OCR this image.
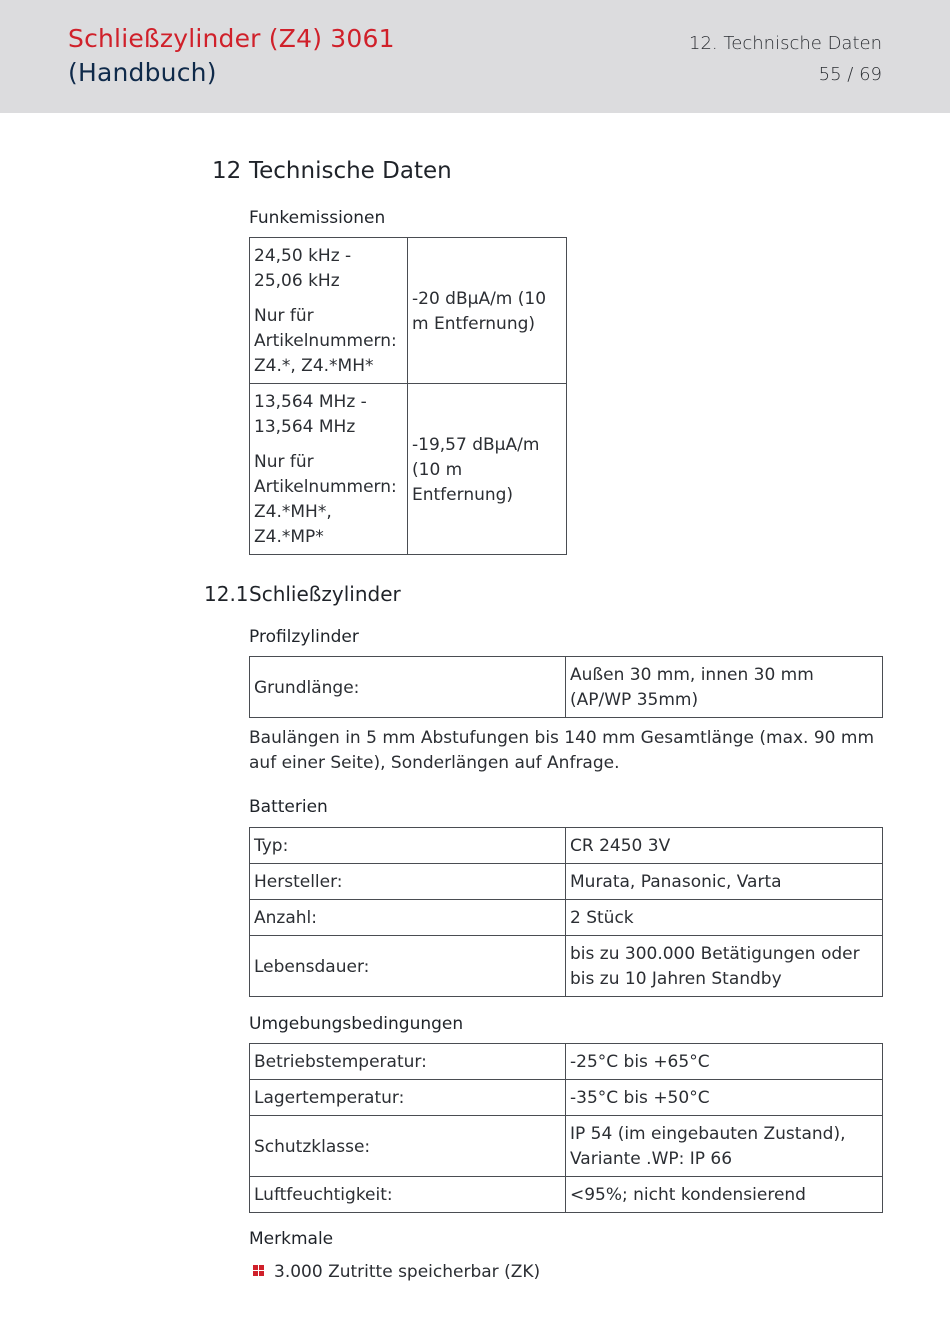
Schließzylinder (Z4) 3061
(Handbuch)
12. Technische Daten
55 / 69
12 Technische Daten
Funkemissionen

24,50 kHz - 25,06 kHz

Nur für Artikelnummern: Z4.*, Z4.*MH*	-20 dBµA/m (10 m Entfernung)

13,564 MHz - 13,564 MHz

Nur für Artikelnummern: Z4.*MH*, Z4.*MP*	-19,57 dBµA/m (10 m Entfernung)
12.1 Schließzylinder
Profilzylinder
Grundlänge:	Außen 30 mm, innen 30 mm (AP/WP 35mm)

Baulängen in 5 mm Abstufungen bis 140 mm Gesamtlänge (max. 90 mm auf einer Seite), Sonderlängen auf Anfrage.

Batterien
Typ:	CR 2450 3V
Hersteller:	Murata, Panasonic, Varta
Anzahl:	2 Stück
Lebensdauer:	bis zu 300.000 Betätigungen oder bis zu 10 Jahren Standby
Umgebungsbedingungen
Betriebstemperatur:	-25°C bis +65°C
Lagertemperatur:	-35°C bis +50°C
Schutzklasse:	IP 54 (im eingebauten Zustand), Variante .WP: IP 66
Luftfeuchtigkeit:	<95%; nicht kondensierend
Merkmale
3.000 Zutritte speicherbar (ZK)
